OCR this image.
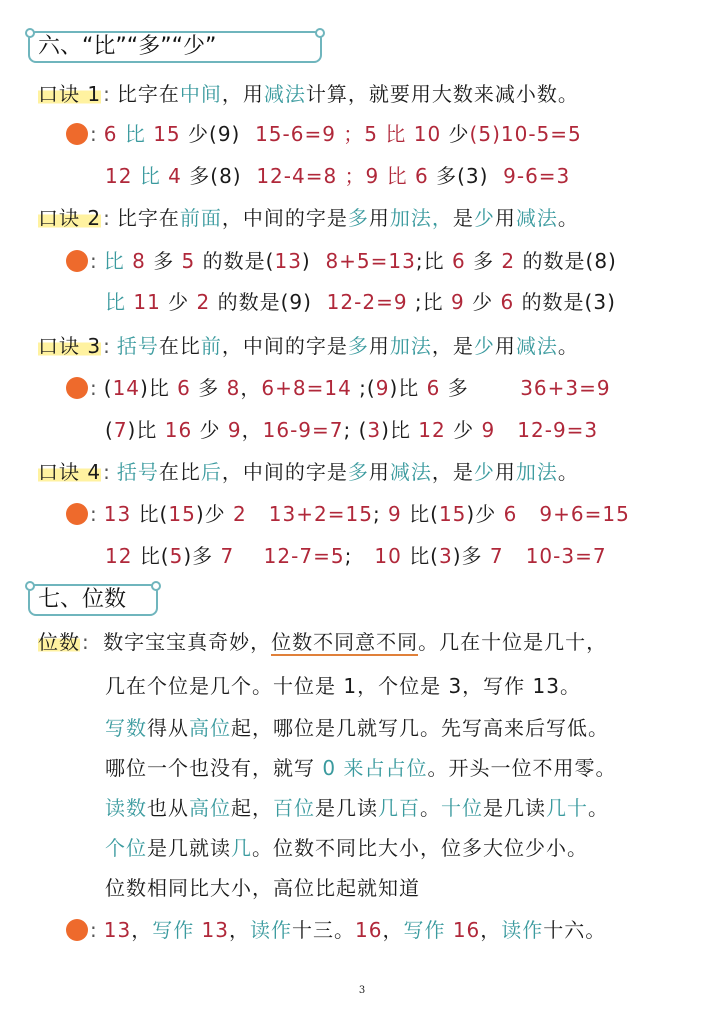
六、“比”“多”“少”
七、位数
口诀 1 : 比字在中间，用减法计算，就要用大数来减小数。
: 6 比 15 少(9)  15-6=9 ；5 比 10 少(5)10-5=5
12 比 4 多(8)  12-4=8 ；9 比 6 多(3)  9-6=3
口诀 2 : 比字在前面，中间的字是多用加法，是少用减法。
: 比 8 多 5 的数是(13)  8+5=13;比 6 多 2 的数是(8)
比 11 少 2 的数是(9)  12-2=9 ;比 9 少 6 的数是(3)
口诀 3 : 括号在比前，中间的字是多用加法，是少用减法。
: (14)比 6 多 8，6+8=14 ;(9)比 6 多       36+3=9
(7)比 16 少 9，16-9=7; (3)比 12 少 9   12-9=3
口诀 4 : 括号在比后，中间的字是多用减法，是少用加法。
: 13 比(15)少 2   13+2=15; 9 比(15)少 6   9+6=15
12 比(5)多 7    12-7=5;   10 比(3)多 7   10-3=7
位数 : 数字宝宝真奇妙，位数不同意不同。几在十位是几十，
几在个位是几个。十位是 1，个位是 3，写作 13。
写数得从高位起，哪位是几就写几。先写高来后写低。
哪位一个也没有，就写 0 来占占位。开头一位不用零。
读数也从高位起，百位是几读几百。十位是几读几十。
个位是几就读几。位数不同比大小，位多大位少小。
位数相同比大小，高位比起就知道
: 13，写作 13，读作十三。16，写作 16，读作十六。
3
